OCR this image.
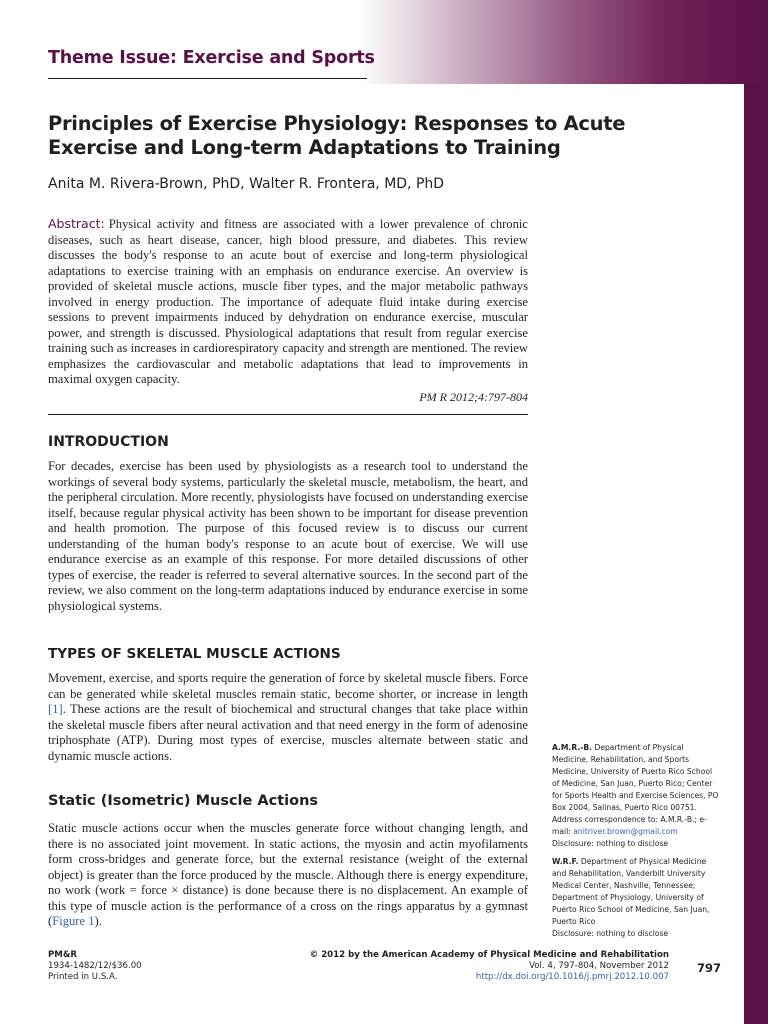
Theme Issue: Exercise and Sports
Principles of Exercise Physiology: Responses to Acute Exercise and Long-term Adaptations to Training
Anita M. Rivera-Brown, PhD, Walter R. Frontera, MD, PhD
Abstract: Physical activity and fitness are associated with a lower prevalence of chronic diseases, such as heart disease, cancer, high blood pressure, and diabetes. This review discusses the body's response to an acute bout of exercise and long-term physiological adaptations to exercise training with an emphasis on endurance exercise. An overview is provided of skeletal muscle actions, muscle fiber types, and the major metabolic pathways involved in energy production. The importance of adequate fluid intake during exercise sessions to prevent impairments induced by dehydration on endurance exercise, muscular power, and strength is discussed. Physiological adaptations that result from regular exercise training such as increases in cardiorespiratory capacity and strength are mentioned. The review emphasizes the cardiovascular and metabolic adaptations that lead to improvements in maximal oxygen capacity.
PM R 2012;4:797-804
INTRODUCTION

For decades, exercise has been used by physiologists as a research tool to understand the workings of several body systems, particularly the skeletal muscle, metabolism, the heart, and the peripheral circulation. More recently, physiologists have focused on understanding exercise itself, because regular physical activity has been shown to be important for disease prevention and health promotion. The purpose of this focused review is to discuss our current understanding of the human body's response to an acute bout of exercise. We will use endurance exercise as an example of this response. For more detailed discussions of other types of exercise, the reader is referred to several alternative sources. In the second part of the review, we also comment on the long-term adaptations induced by endurance exercise in some physiological systems.

TYPES OF SKELETAL MUSCLE ACTIONS

Movement, exercise, and sports require the generation of force by skeletal muscle fibers. Force can be generated while skeletal muscles remain static, become shorter, or increase in length [1]. These actions are the result of biochemical and structural changes that take place within the skeletal muscle fibers after neural activation and that need energy in the form of adenosine triphosphate (ATP). During most types of exercise, muscles alternate between static and dynamic muscle actions.

Static (Isometric) Muscle Actions

Static muscle actions occur when the muscles generate force without changing length, and there is no associated joint movement. In static actions, the myosin and actin myofilaments form cross-bridges and generate force, but the external resistance (weight of the external object) is greater than the force produced by the muscle. Although there is energy expenditure, no work (work = force × distance) is done because there is no displacement. An example of this type of muscle action is the performance of a cross on the rings apparatus by a gymnast (Figure 1).

A.M.R.-B. Department of Physical Medicine, Rehabilitation, and Sports Medicine, University of Puerto Rico School of Medicine, San Juan, Puerto Rico; Center for Sports Health and Exercise Sciences, PO Box 2004, Salinas, Puerto Rico 00751. Address correspondence to: A.M.R.-B.; e-mail: anitriver.brown@gmail.com
Disclosure: nothing to disclose
W.R.F. Department of Physical Medicine and Rehabilitation, Vanderbilt University Medical Center, Nashville, Tennessee; Department of Physiology, University of Puerto Rico School of Medicine, San Juan, Puerto Rico
Disclosure: nothing to disclose
PM&R
1934-1482/12/$36.00
Printed in U.S.A.
© 2012 by the American Academy of Physical Medicine and Rehabilitation
Vol. 4, 797-804, November 2012
http://dx.doi.org/10.1016/j.pmrj.2012.10.007
797
